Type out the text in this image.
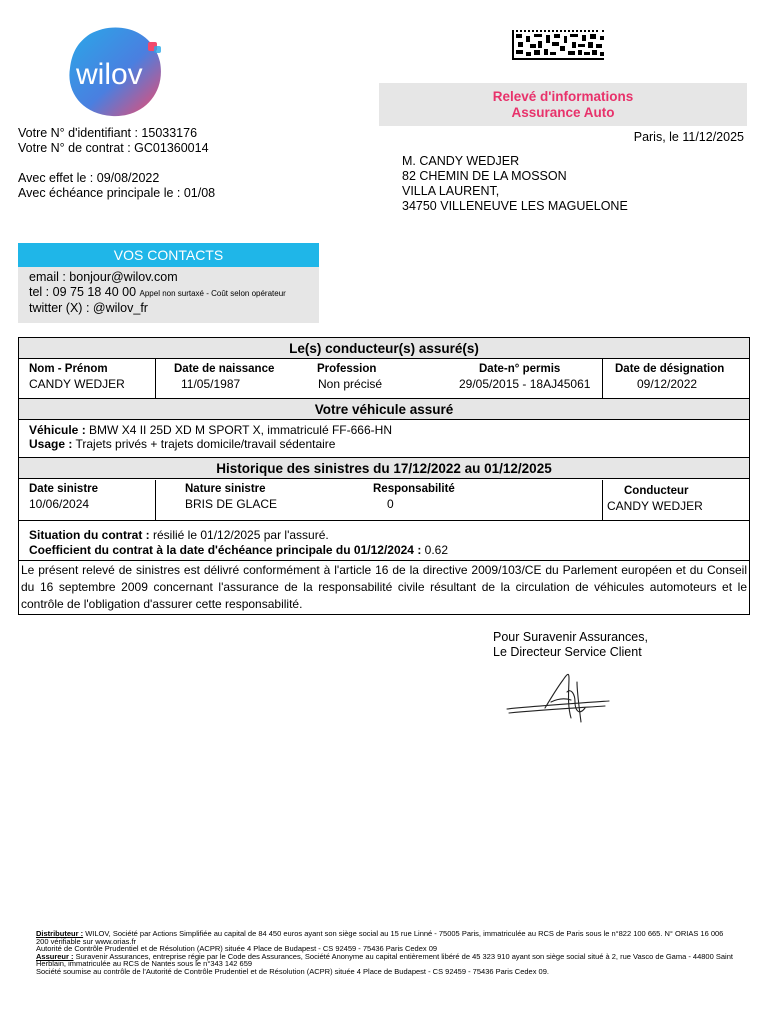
wilov
Relevé d'informations
Assurance Auto
Paris, le 11/12/2025
Votre N° d'identifiant : 15033176
Votre N° de contrat : GC01360014
Avec effet le : 09/08/2022
Avec échéance principale le : 01/08
M. CANDY WEDJER
82 CHEMIN DE LA MOSSON
VILLA LAURENT,
34750 VILLENEUVE LES MAGUELONE
VOS CONTACTS
email : bonjour@wilov.com
tel : 09 75 18 40 00 Appel non surtaxé - Coût selon opérateur
twitter (X) : @wilov_fr
Le(s) conducteur(s) assuré(s)
Nom - Prénom	Date de naissance	Profession	Date-n° permis	Date de désignation
CANDY WEDJER	11/05/1987	Non précisé	29/05/2015 - 18AJ45061	09/12/2022
Votre véhicule assuré
Véhicule : BMW X4 II 25D XD M SPORT X, immatriculé FF-666-HN
Usage : Trajets privés + trajets domicile/travail sédentaire
Historique des sinistres du 17/12/2022 au 01/12/2025
Date sinistre	Nature sinistre	Responsabilité	Conducteur
10/06/2024	BRIS DE GLACE	0	CANDY WEDJER
Situation du contrat : résilié le 01/12/2025 par l'assuré.
Coefficient du contrat à la date d'échéance principale du 01/12/2024 : 0.62
Le présent relevé de sinistres est délivré conformément à l'article 16 de la directive 2009/103/CE du Parlement européen et du Conseil du 16 septembre 2009 concernant l'assurance de la responsabilité civile résultant de la circulation de véhicules automoteurs et le contrôle de l'obligation d'assurer cette responsabilité.
Pour Suravenir Assurances,
Le Directeur Service Client
Distributeur : WILOV, Société par Actions Simplifiée au capital de 84 450 euros ayant son siège social au 15 rue Linné - 75005 Paris, immatriculée au RCS de Paris sous le n°822 100 665. N° ORIAS 16 006 200 vérifiable sur www.orias.fr
Autorité de Contrôle Prudentiel et de Résolution (ACPR) située 4 Place de Budapest - CS 92459 - 75436 Paris Cedex 09
Assureur : Suravenir Assurances, entreprise régie par le Code des Assurances, Société Anonyme au capital entièrement libéré de 45 323 910 ayant son siège social situé à 2, rue Vasco de Gama - 44800 Saint Herblain, immatriculée au RCS de Nantes sous le n°343 142 659
Société soumise au contrôle de l'Autorité de Contrôle Prudentiel et de Résolution (ACPR) située 4 Place de Budapest - CS 92459 - 75436 Paris Cedex 09.
